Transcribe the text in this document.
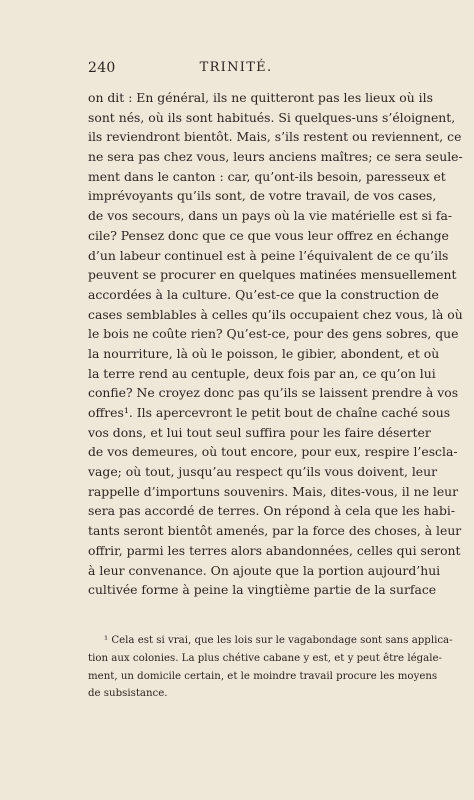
240	TRINITÉ.
on dit : En général, ils ne quitteront pas les lieux où ils
sont nés, où ils sont habitués. Si quelques-uns s’éloignent,
ils reviendront bientôt. Mais, s’ils restent ou reviennent, ce
ne sera pas chez vous, leurs anciens maîtres; ce sera seule-
ment dans le canton : car, qu’ont-ils besoin, paresseux et
imprévoyants qu’ils sont, de votre travail, de vos cases,
de vos secours, dans un pays où la vie matérielle est si fa-
cile? Pensez donc que ce que vous leur offrez en échange
d’un labeur continuel est à peine l’équivalent de ce qu’ils
peuvent se procurer en quelques matinées mensuellement
accordées à la culture. Qu’est-ce que la construction de
cases semblables à celles qu’ils occupaient chez vous, là où
le bois ne coûte rien? Qu’est-ce, pour des gens sobres, que
la nourriture, là où le poisson, le gibier, abondent, et où
la terre rend au centuple, deux fois par an, ce qu’on lui
confie? Ne croyez donc pas qu’ils se laissent prendre à vos
offres¹. Ils apercevront le petit bout de chaîne caché sous
vos dons, et lui tout seul suffira pour les faire déserter
de vos demeures, où tout encore, pour eux, respire l’escla-
vage; où tout, jusqu’au respect qu’ils vous doivent, leur
rappelle d’importuns souvenirs. Mais, dites-vous, il ne leur
sera pas accordé de terres. On répond à cela que les habi-
tants seront bientôt amenés, par la force des choses, à leur
offrir, parmi les terres alors abandonnées, celles qui seront
à leur convenance. On ajoute que la portion aujourd’hui
cultivée forme à peine la vingtième partie de la surface
¹ Cela est si vrai, que les lois sur le vagabondage sont sans applica-
tion aux colonies. La plus chétive cabane y est, et y peut être légale-
ment, un domicile certain, et le moindre travail procure les moyens
de subsistance.
